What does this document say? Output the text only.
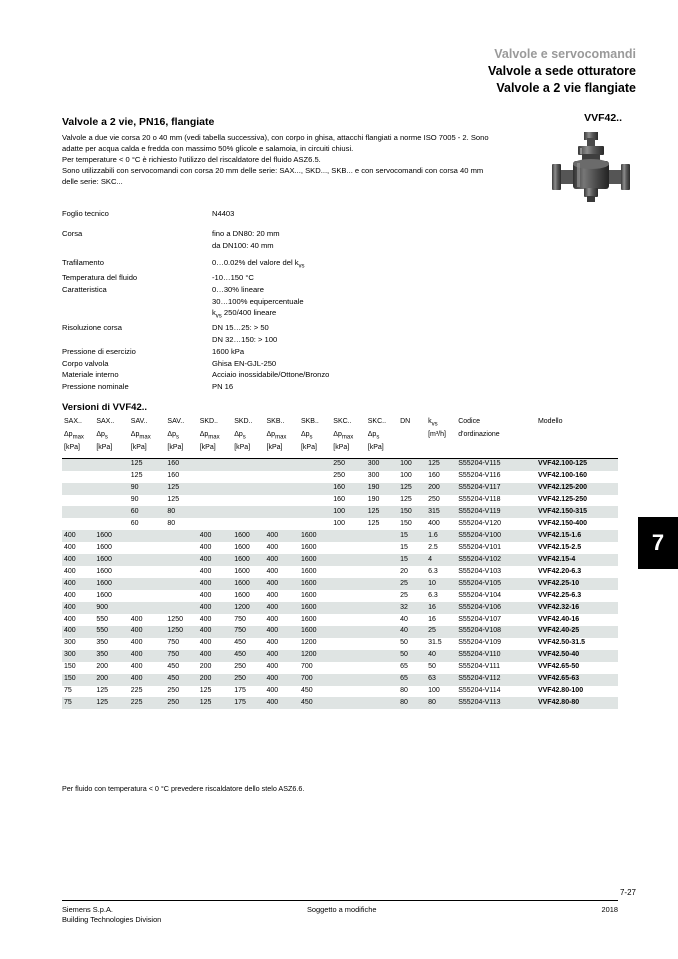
Valvole e servocomandi
Valvole a sede otturatore
Valvole a 2 vie flangiate
Valvole a 2 vie, PN16, flangiate	VVF42..

Valvole a due vie corsa 20 o 40 mm (vedi tabella successiva), con corpo in ghisa, attacchi flangiati a norme ISO 7005 - 2. Sono adatte per acqua calda e fredda con massimo 50% glicole e salamoia, in circuiti chiusi.

Per temperature < 0 °C è richiesto l'utilizzo del riscaldatore del fluido ASZ6.5.

Sono utilizzabili con servocomandi con corsa 20 mm delle serie: SAX..., SKD..., SKB... e con servocomandi con corsa 40 mm delle serie: SKC...

Foglio tecnico	N4403
Corsa	fino a DN80: 20 mm
da DN100: 40 mm
Trafilamento	0…0.02% del valore del $k_{vs}$
Temperatura del fluido	-10…150 °C
Caratteristica	0…30% lineare
30…100% equipercentuale
$k_{vs}$ 250/400 lineare
Risoluzione corsa	DN 15…25: > 50
DN 32…150: > 100
Pressione di esercizio	1600 kPa
Corpo valvola	Ghisa EN-GJL-250
Materiale interno	Acciaio inossidabile/Ottone/Bronzo
Pressione nominale	PN 16
Versioni di VVF42..
SAX..	SAX..	SAV..	SAV..	SKD..	SKD..	SKB..	SKB..	SKC..	SKC..	DN	$k_{vs}$	Codice	Modello
$\Delta p_{max}$	$\Delta p_s$	$\Delta p_{max}$	$\Delta p_s$	$\Delta p_{max}$	$\Delta p_s$	$\Delta p_{max}$	$\Delta p_s$	$\Delta p_{max}$	$\Delta p_s$		[m³/h]	d'ordinazione	
[kPa]	[kPa]	[kPa]	[kPa]	[kPa]	[kPa]	[kPa]	[kPa]	[kPa]	[kPa]				

		125	160					250	300	100	125	S55204-V115	VVF42.100-125
		125	160					250	300	100	160	S55204-V116	VVF42.100-160
		90	125					160	190	125	200	S55204-V117	VVF42.125-200
		90	125					160	190	125	250	S55204-V118	VVF42.125-250
		60	80					100	125	150	315	S55204-V119	VVF42.150-315
		60	80					100	125	150	400	S55204-V120	VVF42.150-400
400	1600			400	1600	400	1600			15	1.6	S55204-V100	VVF42.15-1.6
400	1600			400	1600	400	1600			15	2.5	S55204-V101	VVF42.15-2.5
400	1600			400	1600	400	1600			15	4	S55204-V102	VVF42.15-4
400	1600			400	1600	400	1600			20	6.3	S55204-V103	VVF42.20-6.3
400	1600			400	1600	400	1600			25	10	S55204-V105	VVF42.25-10
400	1600			400	1600	400	1600			25	6.3	S55204-V104	VVF42.25-6.3
400	900			400	1200	400	1600			32	16	S55204-V106	VVF42.32-16
400	550	400	1250	400	750	400	1600			40	16	S55204-V107	VVF42.40-16
400	550	400	1250	400	750	400	1600			40	25	S55204-V108	VVF42.40-25
300	350	400	750	400	450	400	1200			50	31.5	S55204-V109	VVF42.50-31.5
300	350	400	750	400	450	400	1200			50	40	S55204-V110	VVF42.50-40
150	200	400	450	200	250	400	700			65	50	S55204-V111	VVF42.65-50
150	200	400	450	200	250	400	700			65	63	S55204-V112	VVF42.65-63
75	125	225	250	125	175	400	450			80	100	S55204-V114	VVF42.80-100
75	125	225	250	125	175	400	450			80	80	S55204-V113	VVF42.80-80
Per fluido con temperatura < 0 °C prevedere riscaldatore dello stelo ASZ6.6.
7
7-27
Siemens S.p.A.
Building Technologies Division
Soggetto a modifiche	2018
